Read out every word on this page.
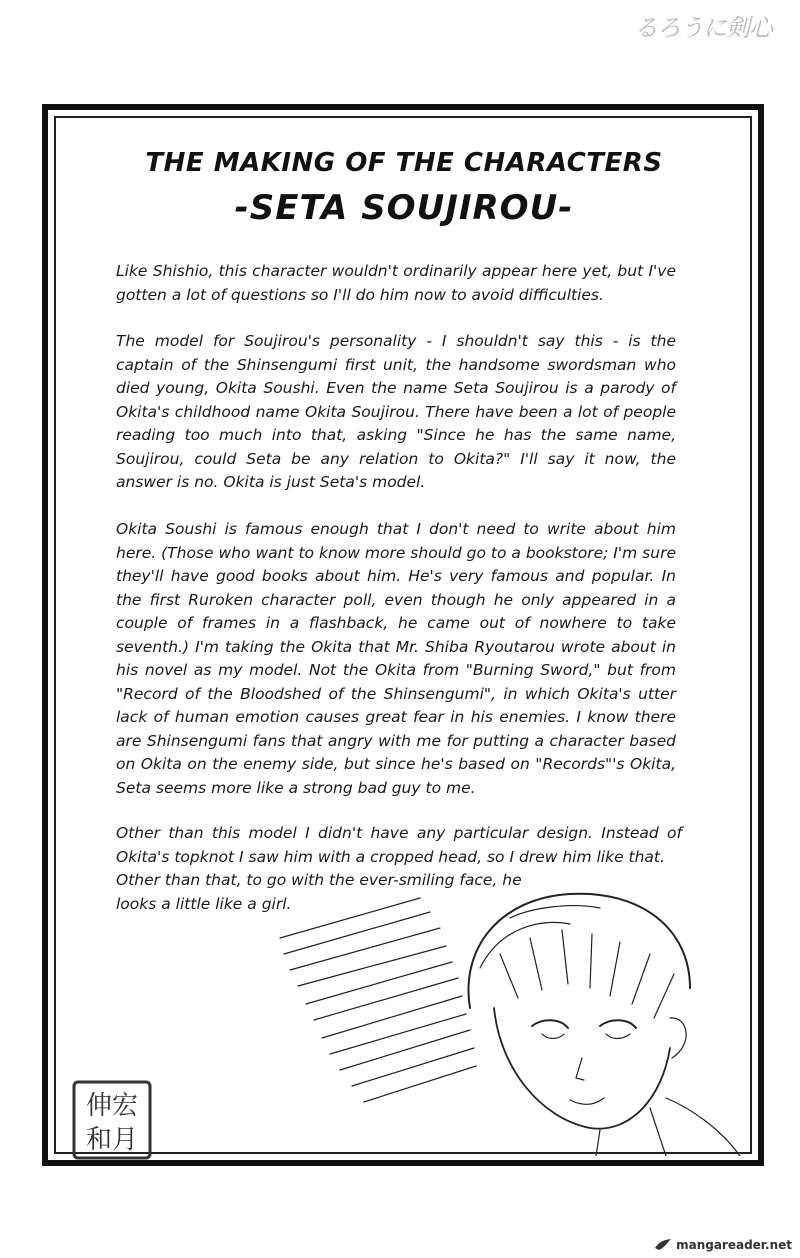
るろうに剣心
THE MAKING OF THE CHARACTERS
-SETA SOUJIROU-

Like Shishio, this character wouldn't ordinarily appear here yet, but I've gotten a lot of questions so I'll do him now to avoid difficulties.

The model for Soujirou's personality - I shouldn't say this - is the captain of the Shinsengumi first unit, the handsome swordsman who died young, Okita Soushi. Even the name Seta Soujirou is a parody of Okita's childhood name Okita Soujirou. There have been a lot of people reading too much into that, asking "Since he has the same name, Soujirou, could Seta be any relation to Okita?" I'll say it now, the answer is no. Okita is just Seta's model.

Okita Soushi is famous enough that I don't need to write about him here. (Those who want to know more should go to a bookstore; I'm sure they'll have good books about him. He's very famous and popular. In the first Ruroken character poll, even though he only appeared in a couple of frames in a flashback, he came out of nowhere to take seventh.) I'm taking the Okita that Mr. Shiba Ryoutarou wrote about in his novel as my model. Not the Okita from "Burning Sword," but from "Record of the Bloodshed of the Shinsengumi", in which Okita's utter lack of human emotion causes great fear in his enemies. I know there are Shinsengumi fans that angry with me for putting a character based on Okita on the enemy side, but since he's based on "Records"'s Okita, Seta seems more like a strong bad guy to me.

Other than this model I didn't have any particular design. Instead of Okita's topknot I saw him with a cropped head, so I drew him like that.
Other than that, to go with the ever-smiling face, he looks a little like a girl.

伸宏
和月
mangareader.net
